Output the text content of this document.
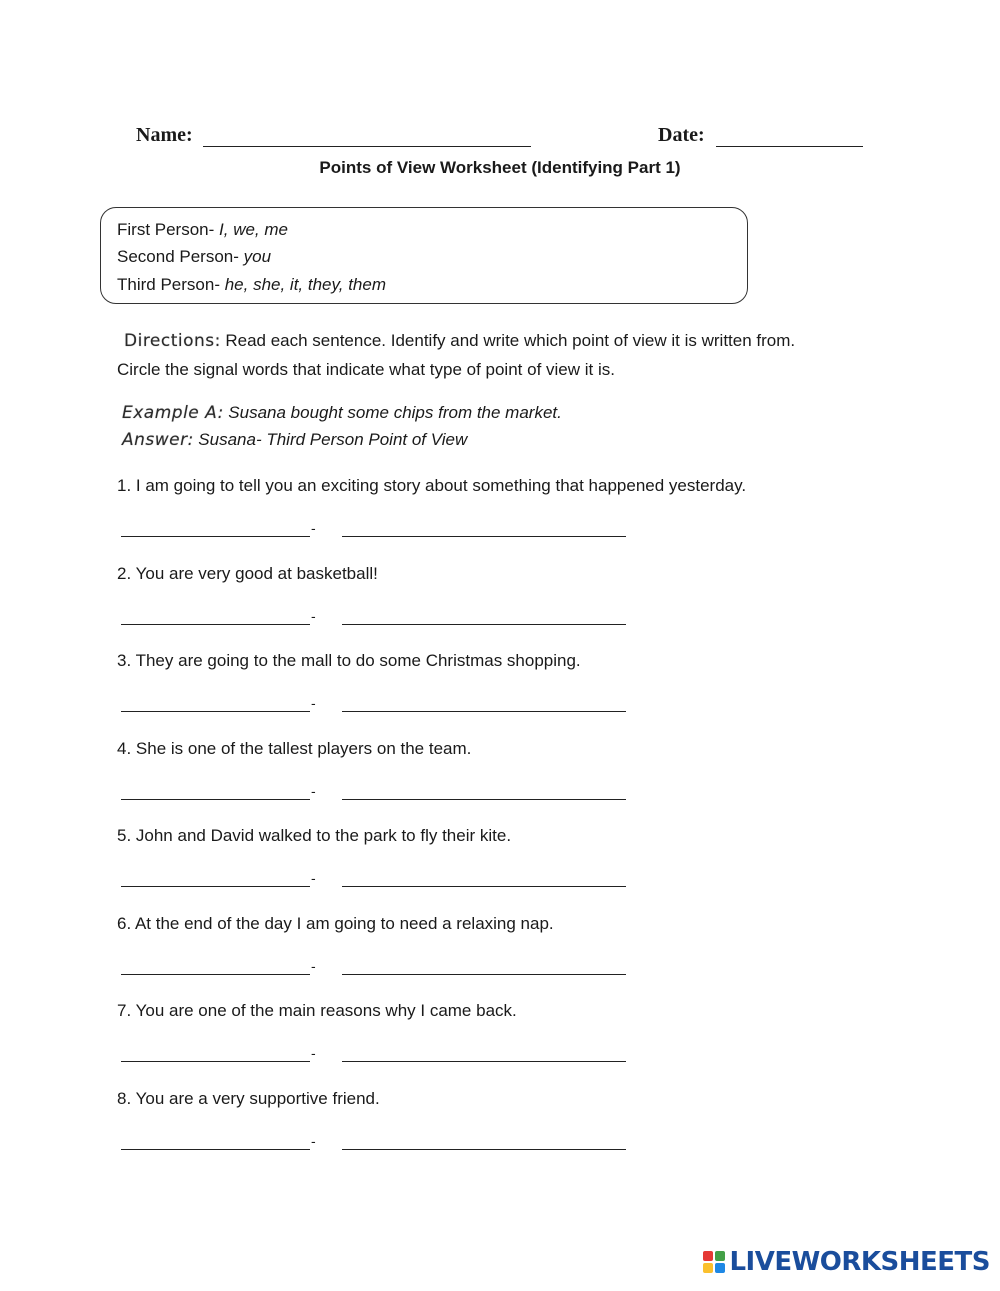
Name:	Date:
Points of View Worksheet (Identifying Part 1)
First Person- I, we, me
Second Person- you
Third Person- he, she, it, they, them
Directions: Read each sentence. Identify and write which point of view it is written from.
Circle the signal words that indicate what type of point of view it is.
Example A: Susana bought some chips from the market.
Answer: Susana- Third Person Point of View
1. I am going to tell you an exciting story about something that happened yesterday.
-
2. You are very good at basketball!
-
3. They are going to the mall to do some Christmas shopping.
-
4. She is one of the tallest players on the team.
-
5. John and David walked to the park to fly their kite.
-
6. At the end of the day I am going to need a relaxing nap.
-
7. You are one of the main reasons why I came back.
-
8. You are a very supportive friend.
-
LIVEWORKSHEETS
